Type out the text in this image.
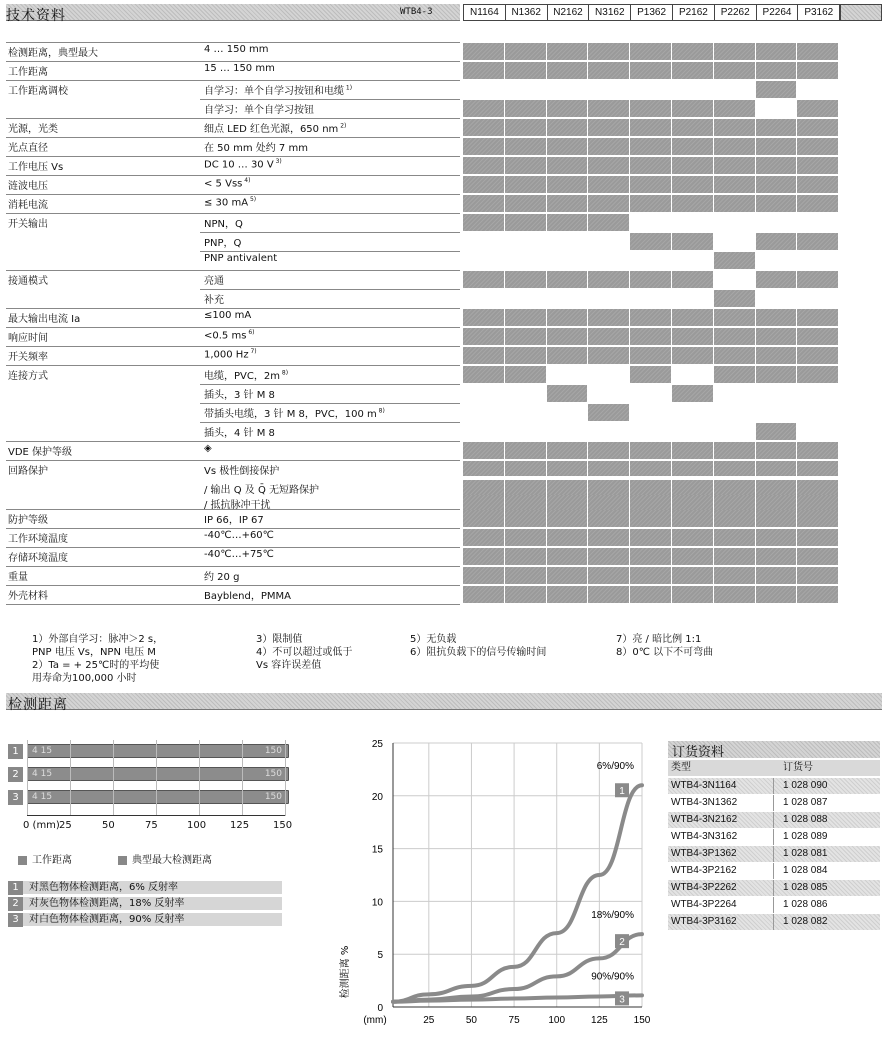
技术资料	WTB4-3	N1164	N1362	N2162	N3162	P1362	P2162	P2262	P2264	P3162
检测距离，典型最大	4 … 150 mm
工作距离	15 … 150 mm
工作距离调校	自学习：单个自学习按钮和电缆 $^{1)}$
自学习：单个自学习按钮
光源，光类	细点 LED 红色光源，650 nm $^{2)}$
光点直径	在 50 mm 处约 7 mm
工作电压 Vs	DC 10 … 30 V $^{3)}$
涟波电压	< 5 Vss $^{4)}$
消耗电流	≤ 30 mA $^{5)}$
开关输出	NPN，Q
PNP，Q
PNP antivalent
接通模式	亮通
补充
最大输出电流 Ia	≤100 mA
响应时间	<0.5 ms $^{6)}$
开关频率	1,000 Hz $^{7)}$
连接方式	电缆，PVC，2m $^{8)}$
插头，3 针 M 8
带插头电缆，3 针 M 8，PVC，100 m $^{8)}$
插头，4 针 M 8
VDE 保护等级	◈
回路保护	Vs 极性倒接保护
/ 输出 Q 及 Q̄ 无短路保护
/ 抵抗脉冲干扰
防护等级	IP 66，IP 67
工作环境温度	-40℃…+60℃
存储环境温度	-40℃…+75℃
重量	约 20 g
外壳材料	Bayblend，PMMA
1）外部自学习：脉冲＞2 s，
PNP 电压 Vs，NPN 电压 M
2）Ta = + 25℃时的平均使
用寿命为100,000 小时
3）限制值
4）不可以超过或低于
Vs 容许误差值
5）无负载
6）阻抗负载下的信号传输时间
7）亮 / 暗比例 1:1
8）0℃ 以下不可弯曲
检测距离
1	4 15	150
2	4 15	150
3	4 15	150
0 (mm) 25	50	75	100 125 150
工作距离	典型最大检测距离
1 对黑色物体检测距离，6% 反射率
2 对灰色物体检测距离，18% 反射率
3 对白色物体检测距离，90% 反射率
0
5
10
15
20
25
25	50	75	100	125	150
(mm)
检测距离 %
6%/90%
1
18%/90%
2
90%/90%
3
订货资料
类型	订货号
WTB4-3N1164	1 028 090
WTB4-3N1362	1 028 087
WTB4-3N2162	1 028 088
WTB4-3N3162	1 028 089
WTB4-3P1362	1 028 081
WTB4-3P2162	1 028 084
WTB4-3P2262	1 028 085
WTB4-3P2264	1 028 086
WTB4-3P3162	1 028 082
